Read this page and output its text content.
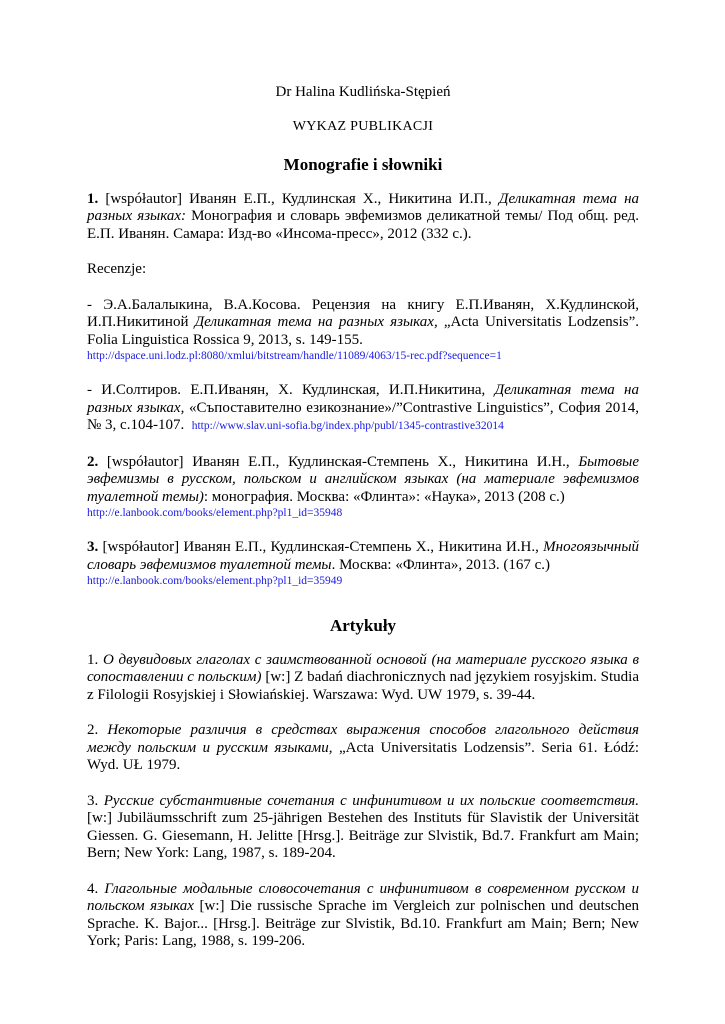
Dr Halina Kudlińska-Stępień
WYKAZ PUBLIKACJI
Monografie i słowniki

1. [współautor] Иванян Е.П., Кудлинская Х., Никитина И.П., Деликатная тема на разных языках: Монография и словарь эвфемизмов деликатной темы/ Под общ. ред. Е.П. Иванян. Самара: Изд-во «Инсома-пресс», 2012 (332 с.).

Recenzje:

- Э.А.Балалыкина, В.А.Косова. Рецензия на книгу Е.П.Иванян, Х.Кудлинской, И.П.Никитиной Деликатная тема на разных языках, „Acta Universitatis Lodzensis”. Folia Linguistica Rossica 9, 2013, s. 149-155.

http://dspace.uni.lodz.pl:8080/xmlui/bitstream/handle/11089/4063/15-rec.pdf?sequence=1

- И.Солтиров. Е.П.Иванян, Х. Кудлинская, И.П.Никитина, Деликатная тема на разных языках, «Съпоставително езикознание»/”Contrastive Linguistics”, София 2014, № 3, c.104-107. http://www.slav.uni-sofia.bg/index.php/publ/1345-contrastive32014

2. [współautor] Иванян Е.П., Кудлинская-Стемпень Х., Никитина И.Н., Бытовые эвфемизмы в русском, польском и английском языках (на материале эвфемизмов туалетной темы): монография. Москва: «Флинта»: «Наука», 2013 (208 с.)

http://e.lanbook.com/books/element.php?pl1_id=35948

3. [współautor] Иванян Е.П., Кудлинская-Стемпень Х., Никитина И.Н., Многоязычный словарь эвфемизмов туалетной темы. Москва: «Флинта», 2013. (167 с.)

http://e.lanbook.com/books/element.php?pl1_id=35949
Artykuły

1. О двувидовых глаголах с заимствованной основой (на материале русского языка в сопоставлении с польским) [w:] Z badań diachronicznych nad językiem rosyjskim. Studia z Filologii Rosyjskiej i Słowiańskiej. Warszawa: Wyd. UW 1979, s. 39-44.

2. Некоторые различия в средствах выражения способов глагольного действия между польским и русским языками, „Acta Universitatis Lodzensis”. Seria 61. Łódź: Wyd. UŁ 1979.

3. Русские субстантивные сочетания с инфинитивом и их польские соответствия. [w:] Jubiläumsschrift zum 25-jährigen Bestehen des Instituts für Slavistik der Universität Giessen. G. Giesemann, H. Jelitte [Hrsg.]. Beiträge zur Slvistik, Bd.7. Frankfurt am Main; Bern; New York: Lang, 1987, s. 189-204.

4. Глагольные модальные словосочетания с инфинитивом в современном русском и польском языках [w:] Die russische Sprache im Vergleich zur polnischen und deutschen Sprache. K. Bajor... [Hrsg.]. Beiträge zur Slvistik, Bd.10. Frankfurt am Main; Bern; New York; Paris: Lang, 1988, s. 199-206.
